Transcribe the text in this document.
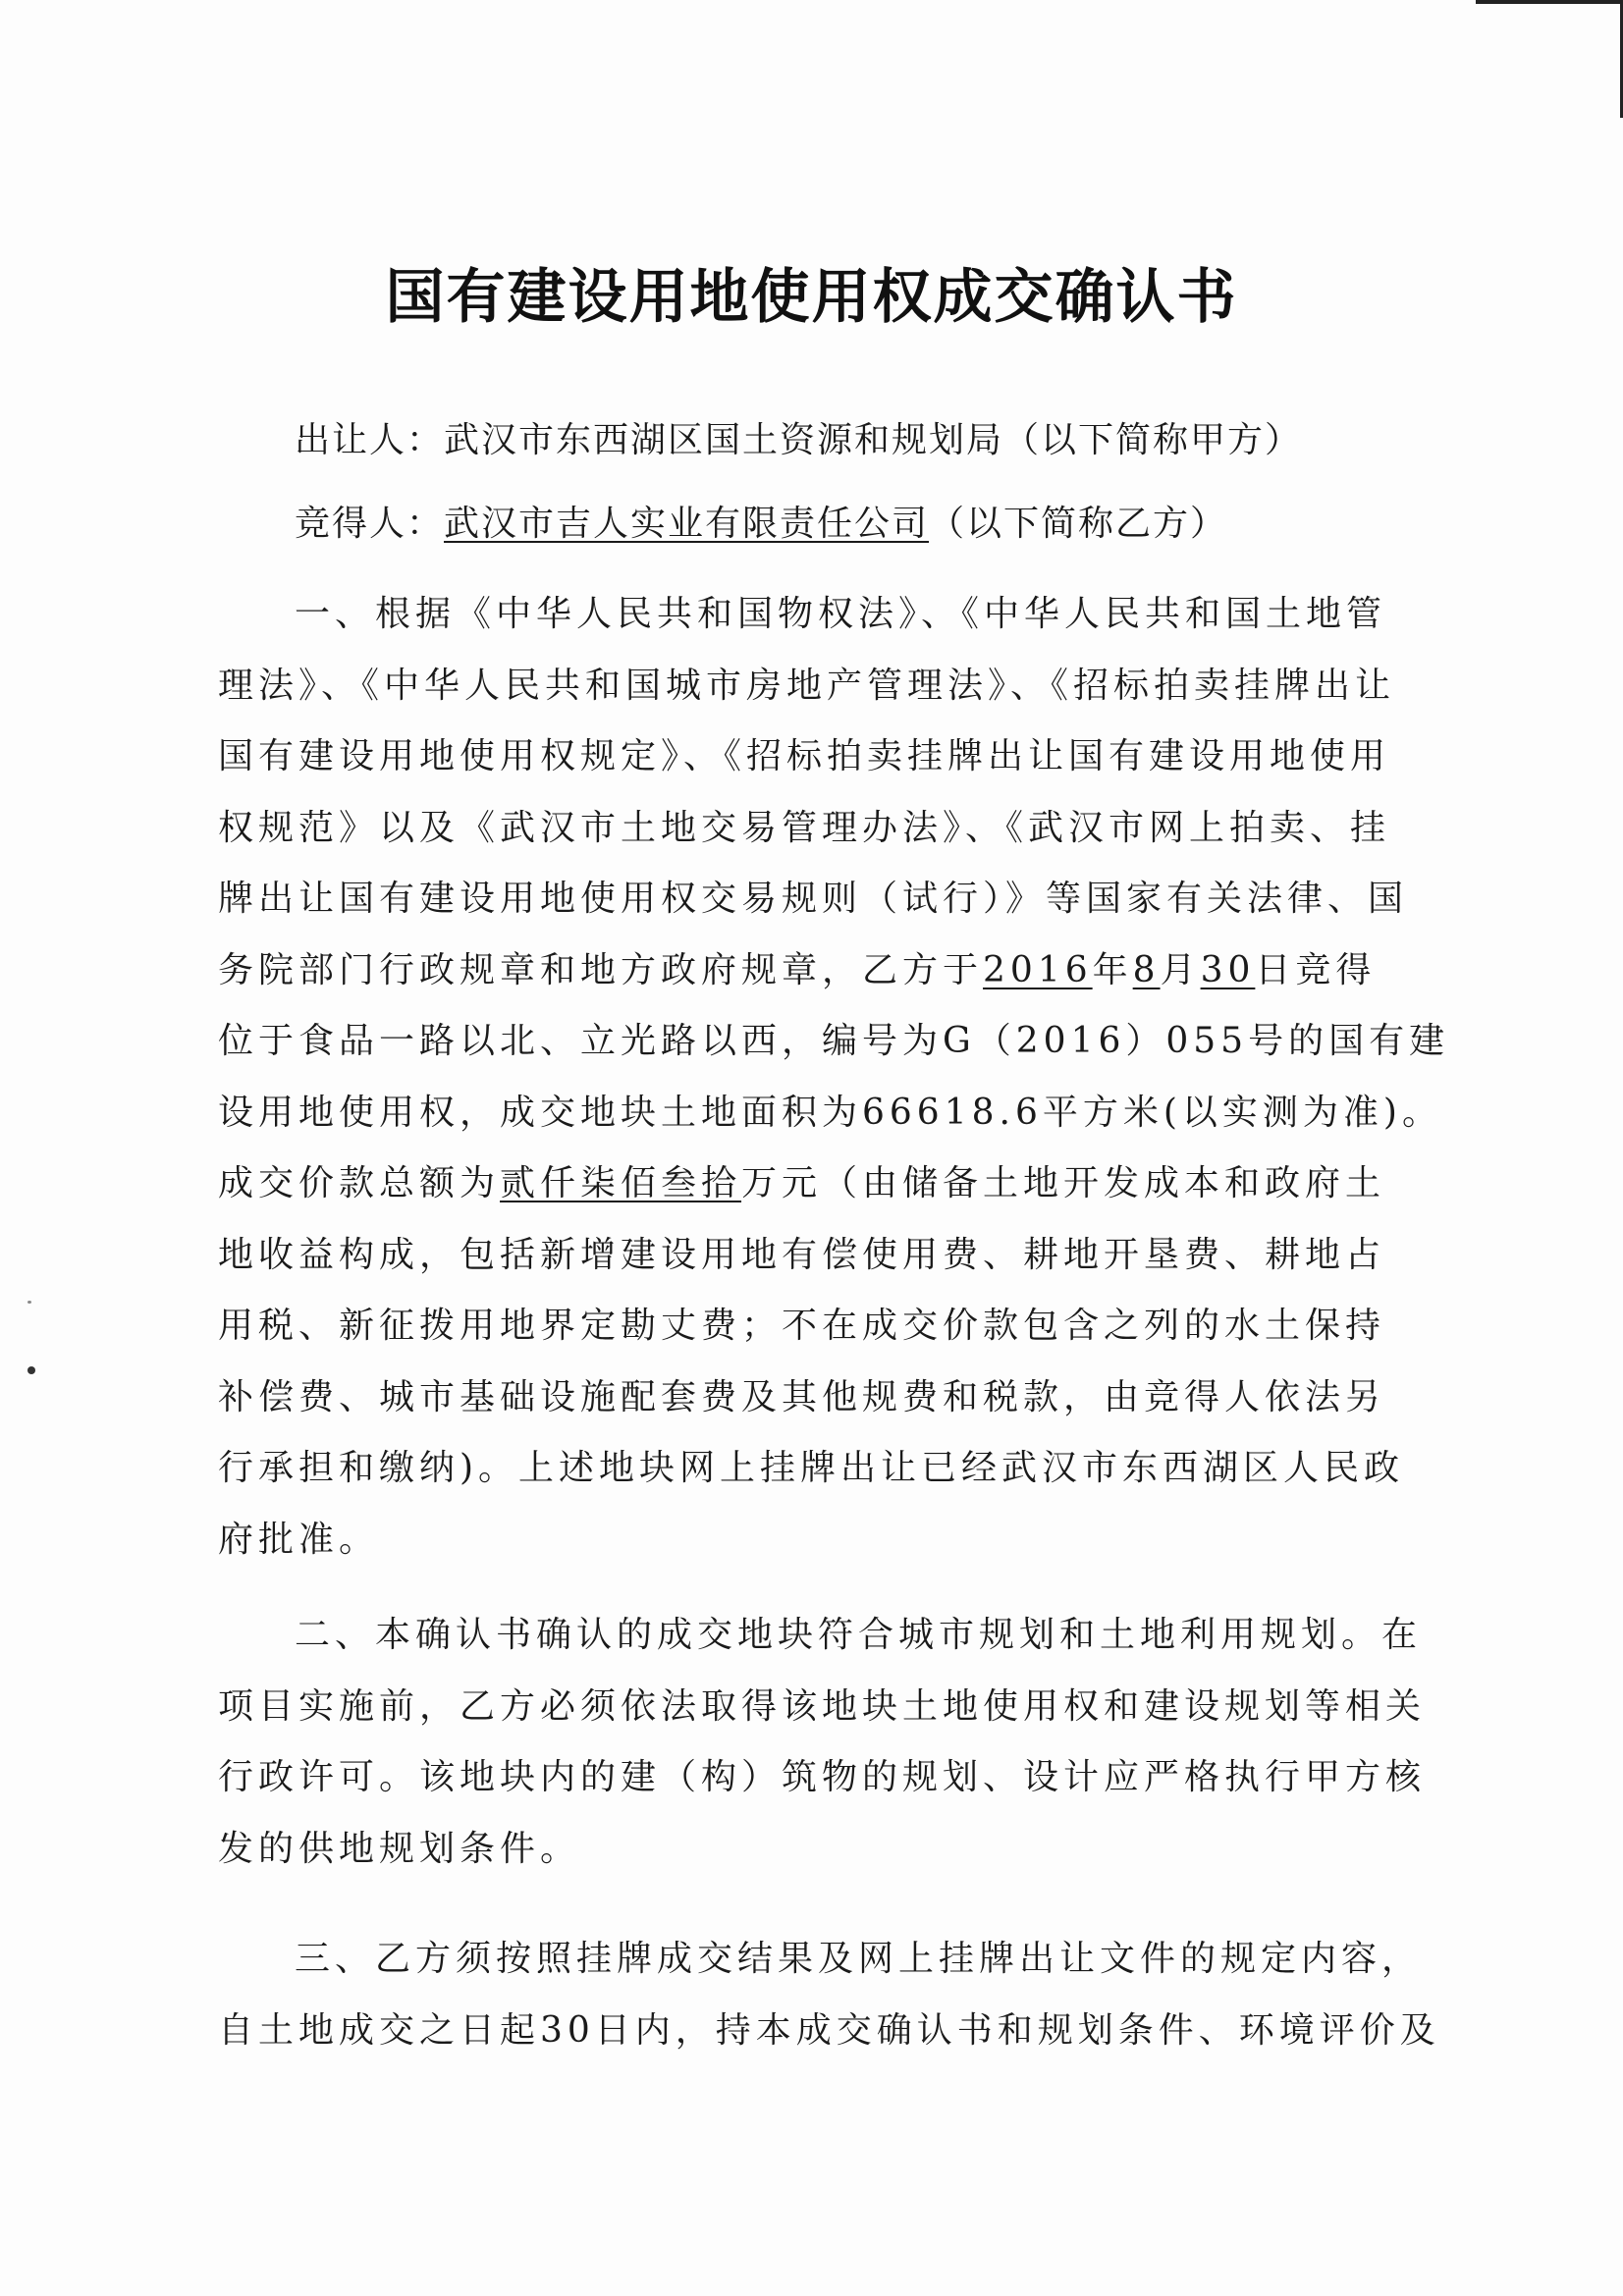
国有建设用地使用权成交确认书
出让人：武汉市东西湖区国土资源和规划局（以下简称甲方）
竞得人：武汉市吉人实业有限责任公司（以下简称乙方）
一、根据《中华人民共和国物权法》、《中华人民共和国土地管
理法》、《中华人民共和国城市房地产管理法》、《招标拍卖挂牌出让
国有建设用地使用权规定》、《招标拍卖挂牌出让国有建设用地使用
权规范》以及《武汉市土地交易管理办法》、《武汉市网上拍卖、挂
牌出让国有建设用地使用权交易规则（试行）》等国家有关法律、国
务院部门行政规章和地方政府规章，乙方于2016年8月30日竞得
位于食品一路以北、立光路以西，编号为G（2016）055号的国有建
设用地使用权，成交地块土地面积为66618.6平方米(以实测为准)。
成交价款总额为贰仟柒佰叁拾万元（由储备土地开发成本和政府土
地收益构成，包括新增建设用地有偿使用费、耕地开垦费、耕地占
用税、新征拨用地界定勘丈费；不在成交价款包含之列的水土保持
补偿费、城市基础设施配套费及其他规费和税款，由竞得人依法另
行承担和缴纳)。上述地块网上挂牌出让已经武汉市东西湖区人民政
府批准。
二、本确认书确认的成交地块符合城市规划和土地利用规划。在
项目实施前，乙方必须依法取得该地块土地使用权和建设规划等相关
行政许可。该地块内的建（构）筑物的规划、设计应严格执行甲方核
发的供地规划条件。
三、乙方须按照挂牌成交结果及网上挂牌出让文件的规定内容，
自土地成交之日起30日内，持本成交确认书和规划条件、环境评价及
